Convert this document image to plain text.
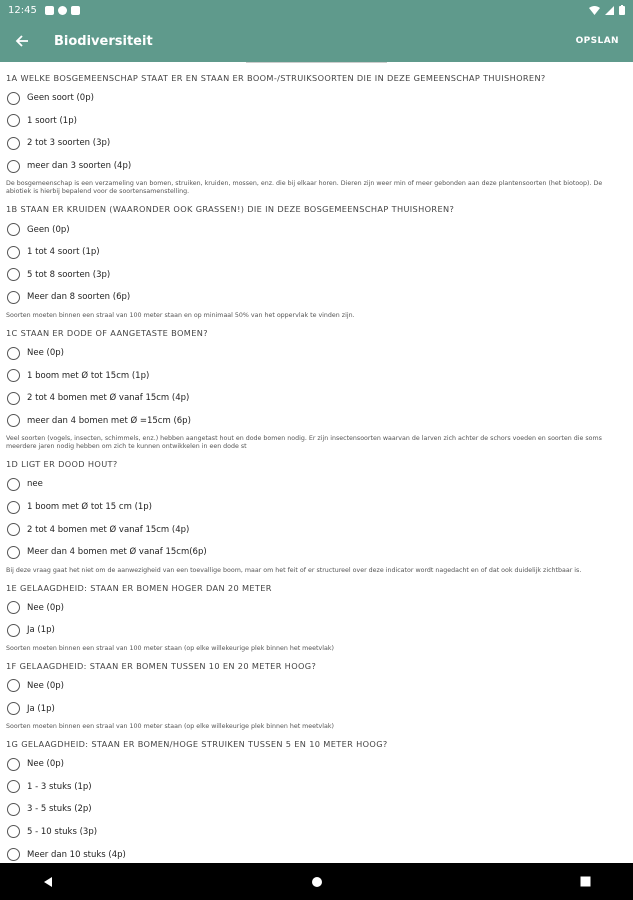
12:45
Biodiversiteit	OPSLAN
1A WELKE BOSGEMEENSCHAP STAAT ER EN STAAN ER BOOM-/STRUIKSOORTEN DIE IN DEZE GEMEENSCHAP THUISHOREN?
Geen soort (0p)
1 soort (1p)
2 tot 3 soorten (3p)
meer dan 3 soorten (4p)
De bosgemeenschap is een verzameling van bomen, struiken, kruiden, mossen, enz. die bij elkaar horen. Dieren zijn weer min of meer gebonden aan deze plantensoorten (het biotoop). De abiotiek is hierbij bepalend voor de soortensamenstelling.
1B STAAN ER KRUIDEN (WAARONDER OOK GRASSEN!) DIE IN DEZE BOSGEMEENSCHAP THUISHOREN?
Geen (0p)
1 tot 4 soort (1p)
5 tot 8 soorten (3p)
Meer dan 8 soorten (6p)
Soorten moeten binnen een straal van 100 meter staan en op minimaal 50% van het oppervlak te vinden zijn.
1C STAAN ER DODE OF AANGETASTE BOMEN?
Nee (0p)
1 boom met Ø tot 15cm (1p)
2 tot 4 bomen met Ø vanaf 15cm (4p)
meer dan 4 bomen met Ø =15cm (6p)
Veel soorten (vogels, insecten, schimmels, enz.) hebben aangetast hout en dode bomen nodig. Er zijn insectensoorten waarvan de larven zich achter de schors voeden en soorten die soms meerdere jaren nodig hebben om zich te kunnen ontwikkelen in een dode st
1D LIGT ER DOOD HOUT?
nee
1 boom met Ø tot 15 cm (1p)
2 tot 4 bomen met Ø vanaf 15cm (4p)
Meer dan 4 bomen met Ø vanaf 15cm(6p)
Bij deze vraag gaat het niet om de aanwezigheid van een toevallige boom, maar om het feit of er structureel over deze indicator wordt nagedacht en of dat ook duidelijk zichtbaar is.
1E GELAAGDHEID: STAAN ER BOMEN HOGER DAN 20 METER
Nee (0p)
Ja (1p)
Soorten moeten binnen een straal van 100 meter staan (op elke willekeurige plek binnen het meetvlak)
1F GELAAGDHEID: STAAN ER BOMEN TUSSEN 10 EN 20 METER HOOG?
Nee (0p)
Ja (1p)
Soorten moeten binnen een straal van 100 meter staan (op elke willekeurige plek binnen het meetvlak)
1G GELAAGDHEID: STAAN ER BOMEN/HOGE STRUIKEN TUSSEN 5 EN 10 METER HOOG?
Nee (0p)
1 - 3 stuks (1p)
3 - 5 stuks (2p)
5 - 10 stuks (3p)
Meer dan 10 stuks (4p)
